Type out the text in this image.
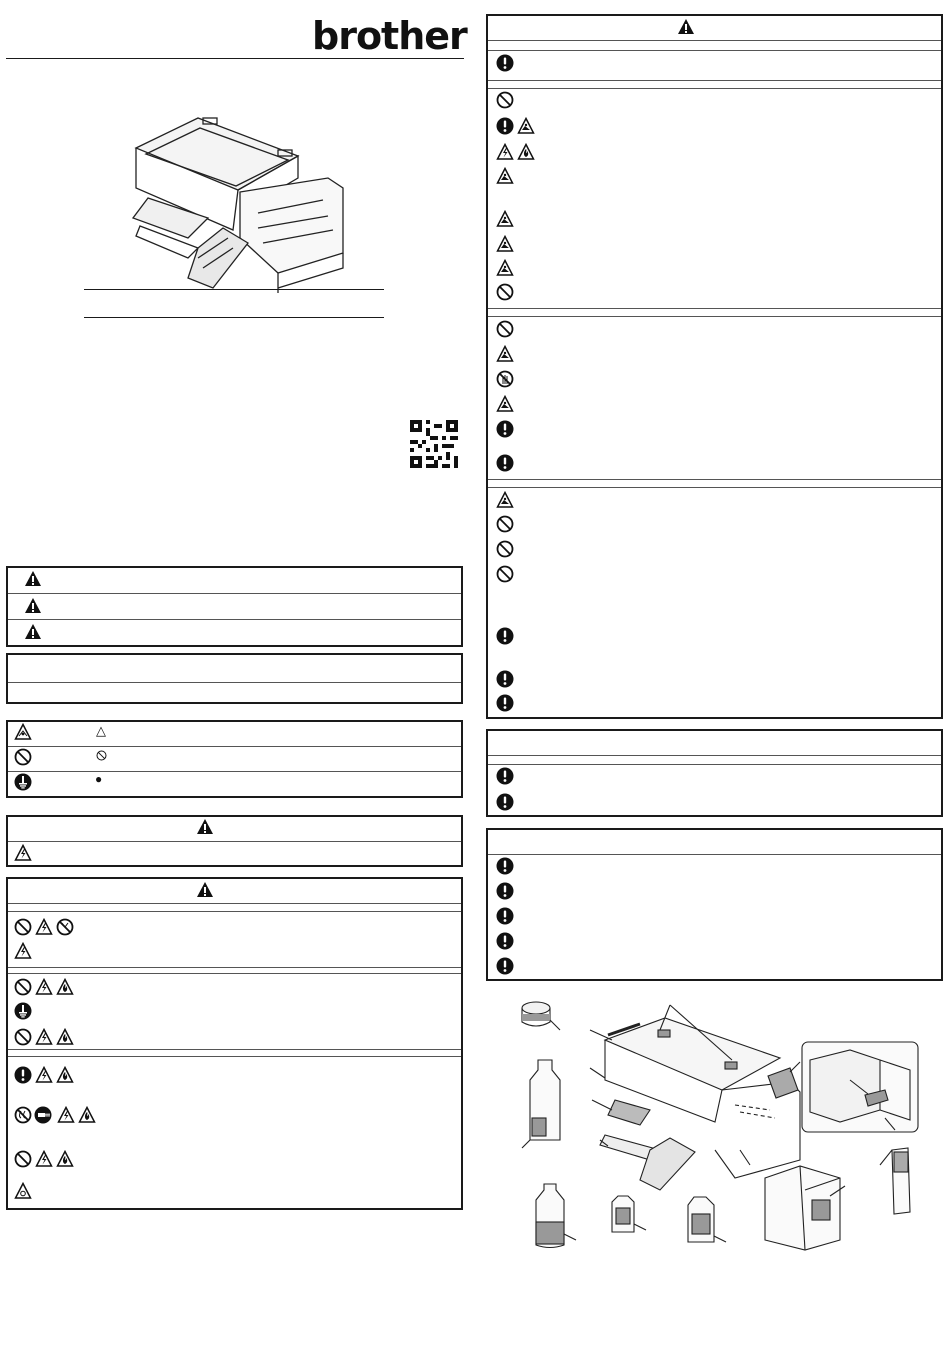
brother
△
●
